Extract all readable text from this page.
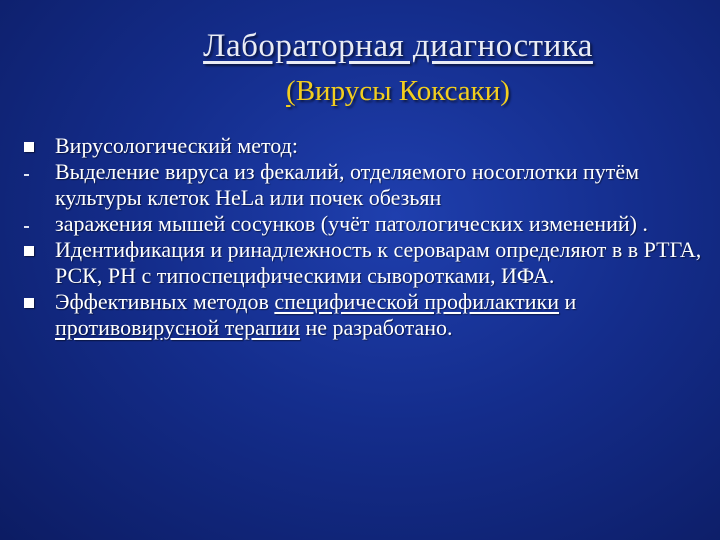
Лабораторная диагностика
(Вирусы Коксаки)
Вирусологический метод:
Выделение вируса из фекалий, отделяемого носоглотки путём культуры клеток HeLa или почек обезьян
заражения мышей сосунков (учёт патологических изменений) .
Идентификация и ринадлежность к сероварам определяют в в РТГА, РСК, РН с типоспецифическими сыворотками, ИФА.
Эффективных методов специфической профилактики и противовирусной терапии не разработано.
